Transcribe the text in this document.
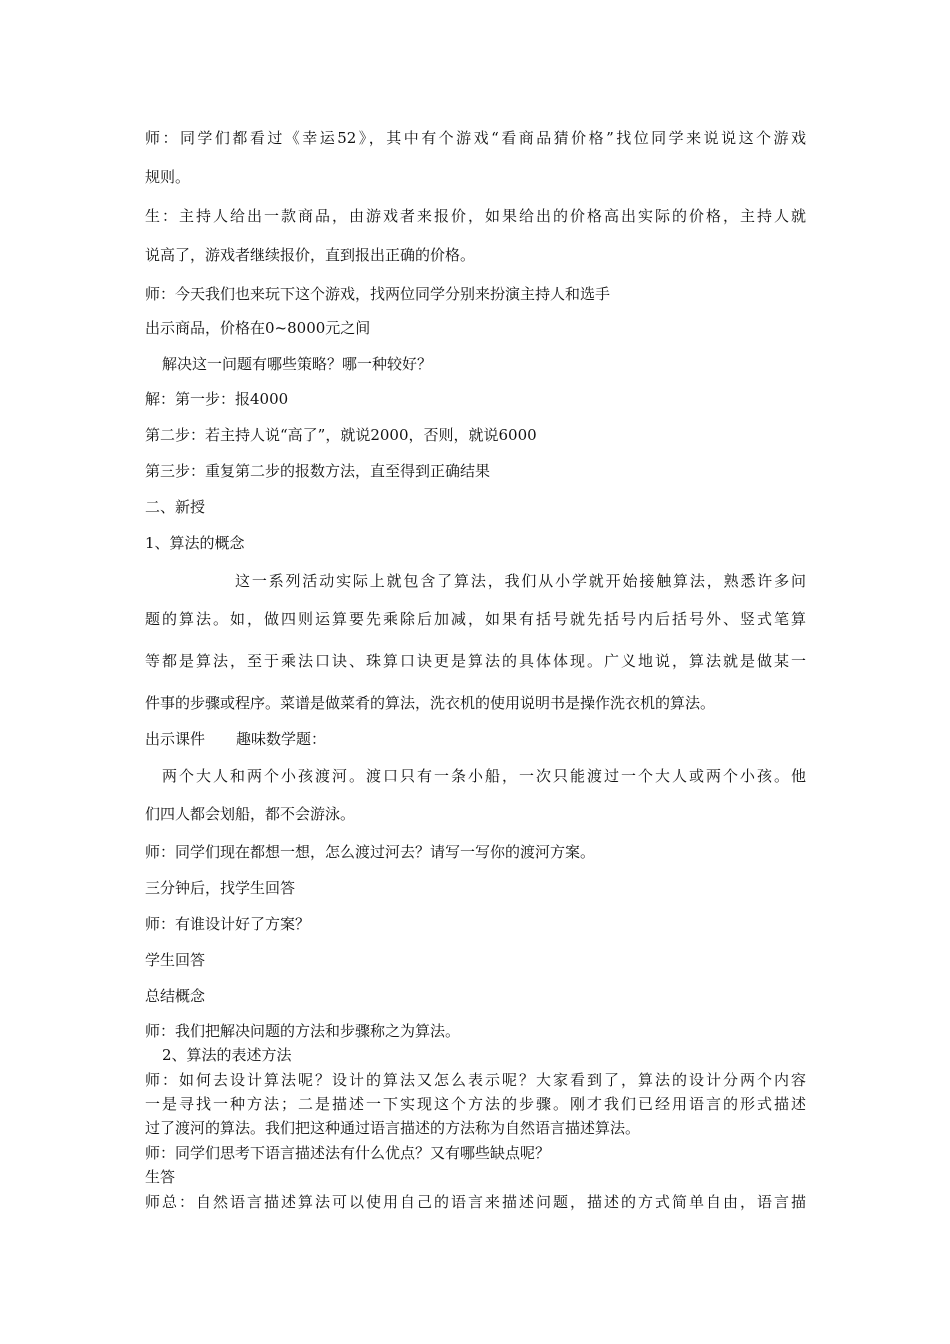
师：同学们都看过《幸运52》，其中有个游戏“看商品猜价格”找位同学来说说这个游戏
规则。
生：主持人给出一款商品，由游戏者来报价，如果给出的价格高出实际的价格，主持人就
说高了，游戏者继续报价，直到报出正确的价格。
师：今天我们也来玩下这个游戏，找两位同学分别来扮演主持人和选手
出示商品，价格在0~8000元之间
解决这一问题有哪些策略？哪一种较好？
解：第一步：报4000
第二步：若主持人说“高了”，就说2000，否则，就说6000
第三步：重复第二步的报数方法，直至得到正确结果
二、新授
1、算法的概念
这一系列活动实际上就包含了算法，我们从小学就开始接触算法，熟悉许多问
题的算法。如，做四则运算要先乘除后加减，如果有括号就先括号内后括号外、竖式笔算
等都是算法，至于乘法口诀、珠算口诀更是算法的具体体现。广义地说，算法就是做某一
件事的步骤或程序。菜谱是做菜肴的算法，洗衣机的使用说明书是操作洗衣机的算法。
出示课件 趣味数学题：
两个大人和两个小孩渡河。渡口只有一条小船，一次只能渡过一个大人或两个小孩。他
们四人都会划船，都不会游泳。
师：同学们现在都想一想，怎么渡过河去？请写一写你的渡河方案。
三分钟后，找学生回答
师：有谁设计好了方案？
学生回答
总结概念
师：我们把解决问题的方法和步骤称之为算法。
2、算法的表述方法
师：如何去设计算法呢？设计的算法又怎么表示呢？大家看到了，算法的设计分两个内容
一是寻找一种方法；二是描述一下实现这个方法的步骤。刚才我们已经用语言的形式描述
过了渡河的算法。我们把这种通过语言描述的方法称为自然语言描述算法。
师：同学们思考下语言描述法有什么优点？又有哪些缺点呢？
生答
师总：自然语言描述算法可以使用自己的语言来描述问题，描述的方式简单自由，语言描
